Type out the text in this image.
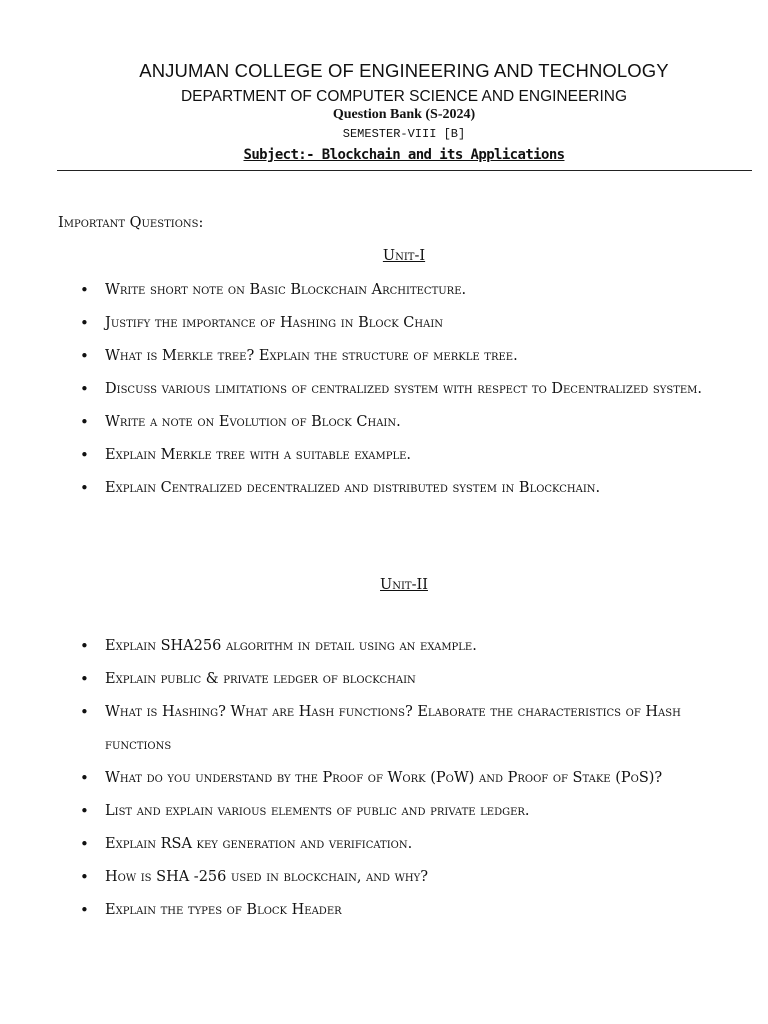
ANJUMAN COLLEGE OF ENGINEERING AND TECHNOLOGY
DEPARTMENT OF COMPUTER SCIENCE AND ENGINEERING
Question Bank (S-2024)
SEMESTER-VIII [B]
Subject:- Blockchain and its Applications
Important Questions:
Unit-I
• Write short note on Basic Blockchain Architecture.
• Justify the importance of Hashing in Block Chain
• What is Merkle tree? Explain the structure of merkle tree.
• Discuss various limitations of centralized system with respect to Decentralized system.
• Write a note on Evolution of Block Chain.
• Explain Merkle tree with a suitable example.
• Explain Centralized decentralized and distributed system in Blockchain.
Unit-II
• Explain SHA256 algorithm in detail using an example.
• Explain public & private ledger of blockchain
• What is Hashing? What are Hash functions? Elaborate the characteristics of Hash functions
• What do you understand by the Proof of Work (PoW) and Proof of Stake (PoS)?
• List and explain various elements of public and private ledger.
• Explain RSA key generation and verification.
• How is SHA -256 used in blockchain, and why?
• Explain the types of Block Header
